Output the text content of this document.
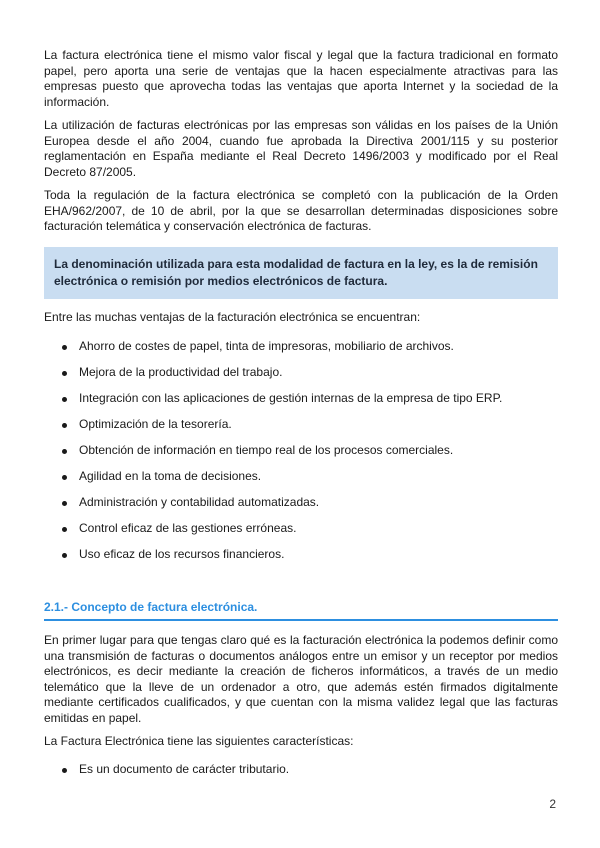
La factura electrónica tiene el mismo valor fiscal y legal que la factura tradicional en formato papel, pero aporta una serie de ventajas que la hacen especialmente atractivas para las empresas puesto que aprovecha todas las ventajas que aporta Internet y la sociedad de la información.

La utilización de facturas electrónicas por las empresas son válidas en los países de la Unión Europea desde el año 2004, cuando fue aprobada la Directiva 2001/115 y su posterior reglamentación en España mediante el Real Decreto 1496/2003 y modificado por el Real Decreto 87/2005.

Toda la regulación de la factura electrónica se completó con la publicación de la Orden EHA/962/2007, de 10 de abril, por la que se desarrollan determinadas disposiciones sobre facturación telemática y conservación electrónica de facturas.

La denominación utilizada para esta modalidad de factura en la ley, es la de remisión electrónica o remisión por medios electrónicos de factura.

Entre las muchas ventajas de la facturación electrónica se encuentran:

Ahorro de costes de papel, tinta de impresoras, mobiliario de archivos.
Mejora de la productividad del trabajo.
Integración con las aplicaciones de gestión internas de la empresa de tipo ERP.
Optimización de la tesorería.
Obtención de información en tiempo real de los procesos comerciales.
Agilidad en la toma de decisiones.
Administración y contabilidad automatizadas.
Control eficaz de las gestiones erróneas.
Uso eficaz de los recursos financieros.
2.1.- Concepto de factura electrónica.

En primer lugar para que tengas claro qué es la facturación electrónica la podemos definir como una transmisión de facturas o documentos análogos entre un emisor y un receptor por medios electrónicos, es decir mediante la creación de ficheros informáticos, a través de un medio telemático que la lleve de un ordenador a otro, que además estén firmados digitalmente mediante certificados cualificados, y que cuentan con la misma validez legal que las facturas emitidas en papel.

La Factura Electrónica tiene las siguientes características:

Es un documento de carácter tributario.
2
